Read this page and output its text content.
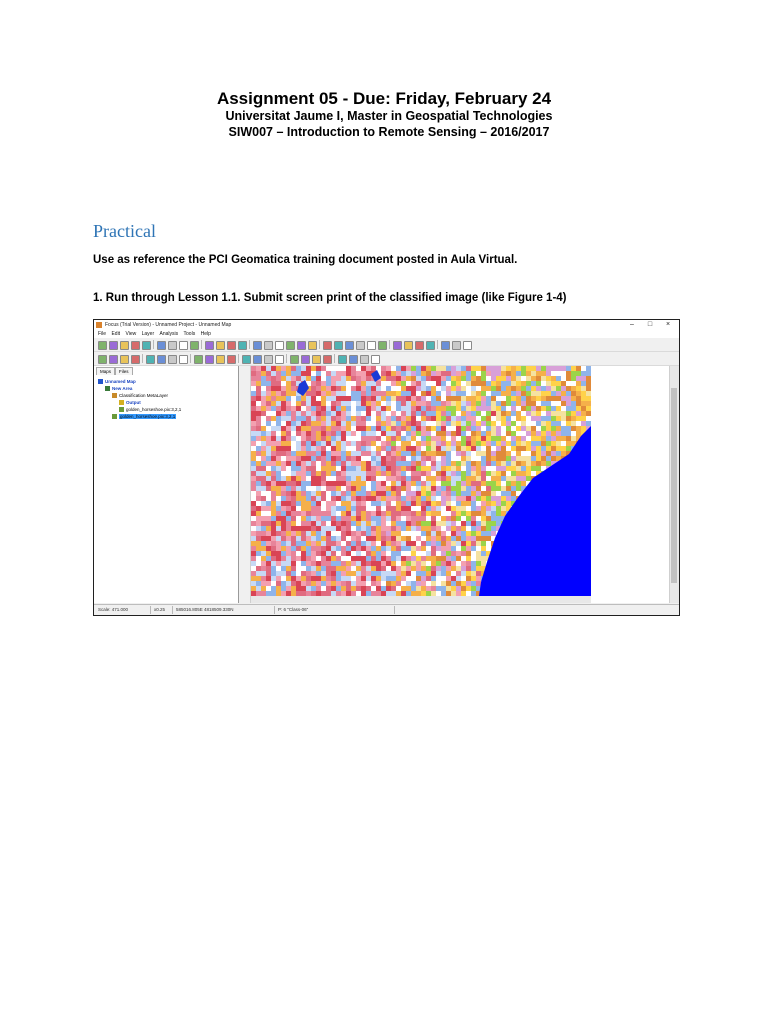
Assignment 05 - Due: Friday, February 24
Universitat Jaume I, Master in Geospatial Technologies
SIW007 – Introduction to Remote Sensing – 2016/2017
Practical
Use as reference the PCI Geomatica training document posted in Aula Virtual.
1. Run through Lesson 1.1. Submit screen print of the classified image (like Figure 1-4)
Focus (Trial Version) - Unnamed Project - Unnamed Map	– □ ×
File Edit View Layer Analysis Tools Help
Maps Files
Unnamed Map
New Area
Classification MetaLayer
Output
golden_horseshoe.pix:3,2,1
golden_horseshoe.pix:3,2,1
Scale: 471.000	x0.25 585016.805E 4818509.330N	P: 6 "Class-06"
